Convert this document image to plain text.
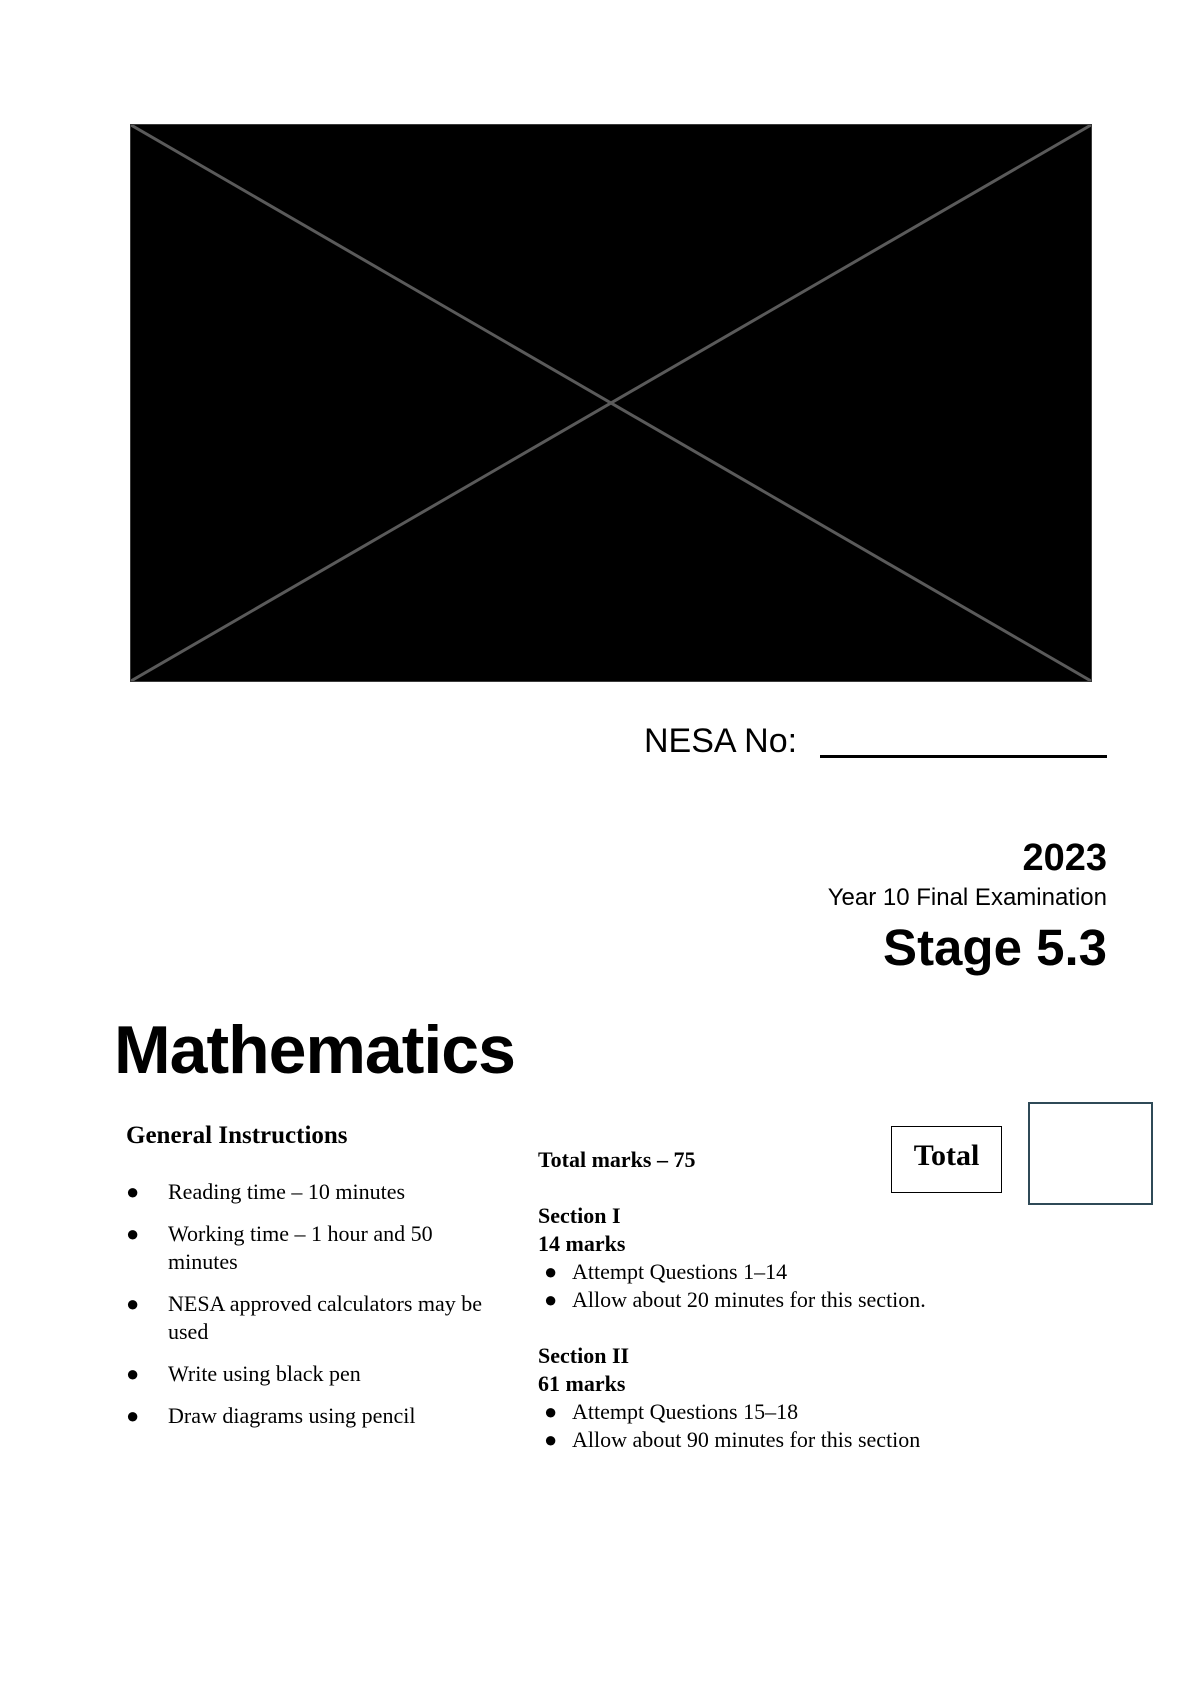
NESA No:
2023
Year 10 Final Examination
Stage 5.3
Mathematics
General Instructions
● Reading time – 10 minutes
● Working time – 1 hour and 50 minutes
● NESA approved calculators may be used
● Write using black pen
● Draw diagrams using pencil
Total marks – 75
Section I
14 marks
● Attempt Questions 1–14
● Allow about 20 minutes for this section.
Section II
61 marks
● Attempt Questions 15–18
● Allow about 90 minutes for this section
Total
